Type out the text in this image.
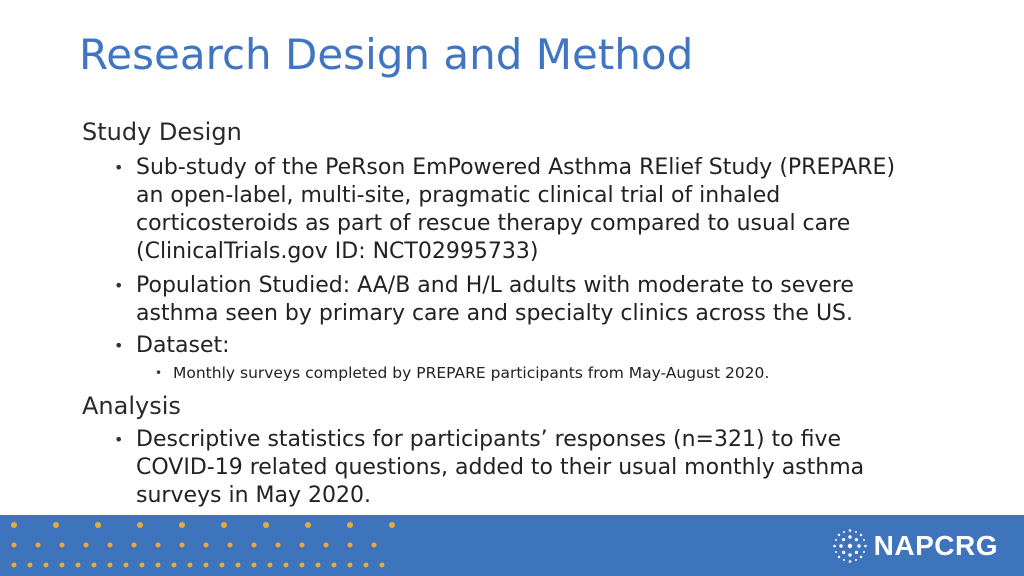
Research Design and Method
Study Design
• Sub-study of the PeRson EmPowered Asthma RElief Study (PREPARE)
an open-label, multi-site, pragmatic clinical trial of inhaled
corticosteroids as part of rescue therapy compared to usual care
(ClinicalTrials.gov ID: NCT02995733)
• Population Studied: AA/B and H/L adults with moderate to severe
asthma seen by primary care and specialty clinics across the US.
• Dataset:
• Monthly surveys completed by PREPARE participants from May-August 2020.
Analysis
• Descriptive statistics for participants’ responses (n=321) to five
COVID-19 related questions, added to their usual monthly asthma
surveys in May 2020.
NAPCRG
